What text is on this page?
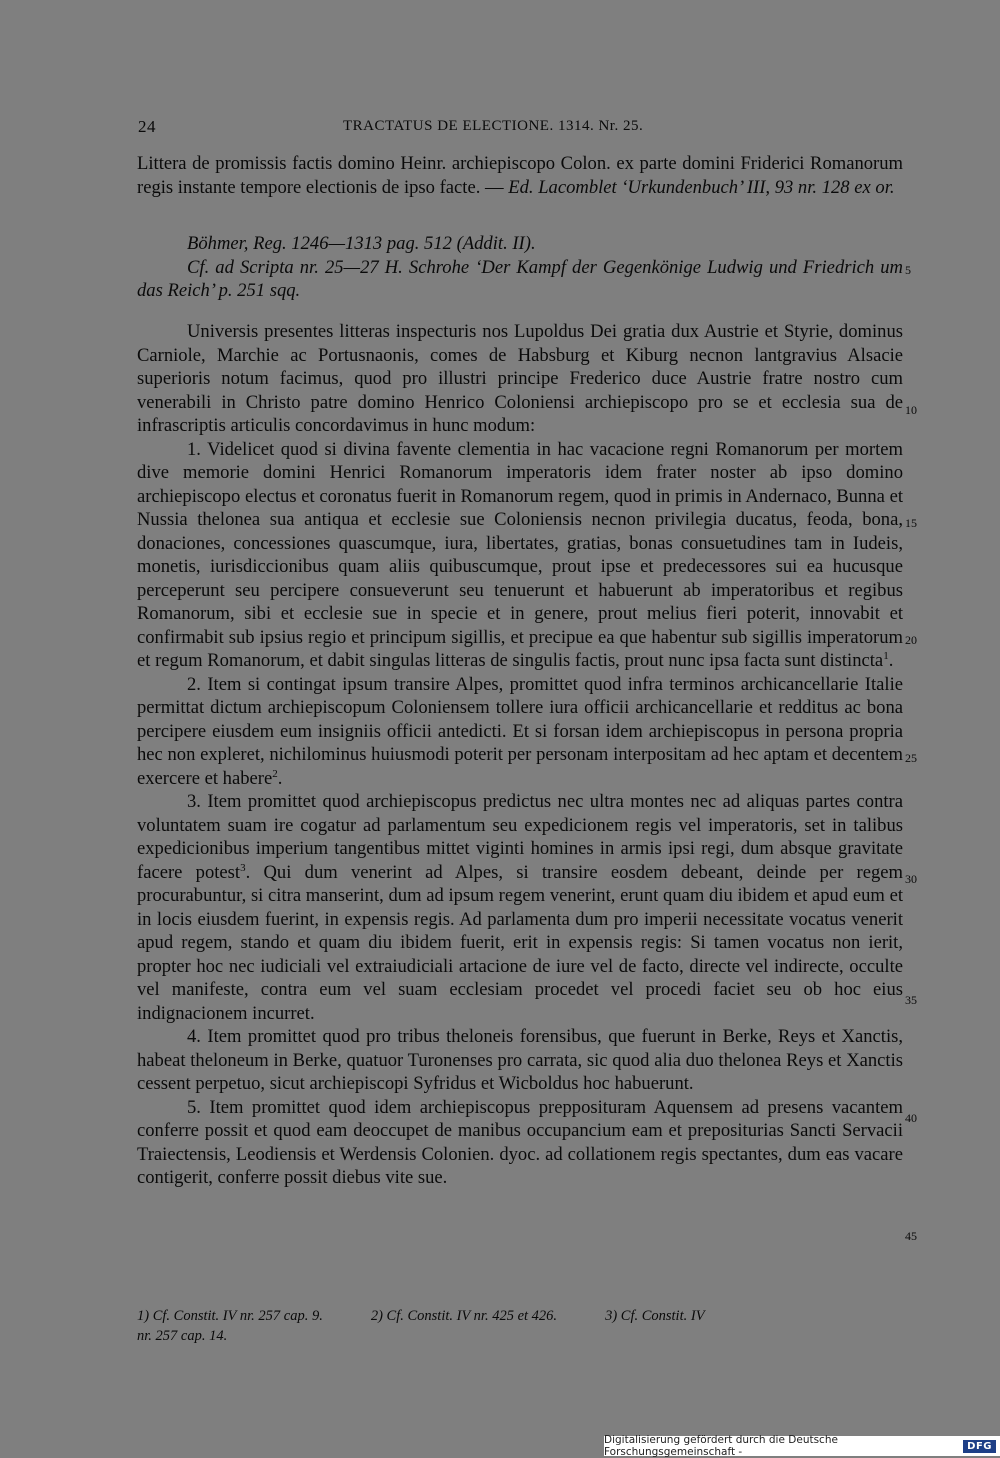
24	TRACTATUS DE ELECTIONE. 1314. Nr. 25.

Littera de promissis factis domino Heinr. archiepiscopo Colon. ex parte domini Friderici Romanorum regis instante tempore electionis de ipso facte. — Ed. Lacomblet ‘Urkundenbuch’ III, 93 nr. 128 ex or.

Böhmer, Reg. 1246—1313 pag. 512 (Addit. II).

Cf. ad Scripta nr. 25—27 H. Schrohe ‘Der Kampf der Gegenkönige Ludwig und Friedrich um das Reich’ p. 251 sqq.

Universis presentes litteras inspecturis nos Lupoldus Dei gratia dux Austrie et Styrie, dominus Carniole, Marchie ac Portusnaonis, comes de Habsburg et Kiburg necnon lantgravius Alsacie superioris notum facimus, quod pro illustri principe Frederico duce Austrie fratre nostro cum venerabili in Christo patre domino Henrico Coloniensi archiepiscopo pro se et ecclesia sua de infrascriptis articulis concordavimus in hunc modum:

1. Videlicet quod si divina favente clementia in hac vacacione regni Romanorum per mortem dive memorie domini Henrici Romanorum imperatoris idem frater noster ab ipso domino archiepiscopo electus et coronatus fuerit in Romanorum regem, quod in primis in Andernaco, Bunna et Nussia thelonea sua antiqua et ecclesie sue Coloniensis necnon privilegia ducatus, feoda, bona, donaciones, concessiones quascumque, iura, libertates, gratias, bonas consuetudines tam in Iudeis, monetis, iurisdiccionibus quam aliis quibuscumque, prout ipse et predecessores sui ea hucusque perceperunt seu percipere consueverunt seu tenuerunt et habuerunt ab imperatoribus et regibus Romanorum, sibi et ecclesie sue in specie et in genere, prout melius fieri poterit, innovabit et confirmabit sub ipsius regio et principum sigillis, et precipue ea que habentur sub sigillis imperatorum et regum Romanorum, et dabit singulas litteras de singulis factis, prout nunc ipsa facta sunt distincta$^1$.

2. Item si contingat ipsum transire Alpes, promittet quod infra terminos archicancellarie Italie permittat dictum archiepiscopum Coloniensem tollere iura officii archicancellarie et redditus ac bona percipere eiusdem eum insigniis officii antedicti. Et si forsan idem archiepiscopus in persona propria hec non expleret, nichilominus huiusmodi poterit per personam interpositam ad hec aptam et decentem exercere et habere$^2$.

3. Item promittet quod archiepiscopus predictus nec ultra montes nec ad aliquas partes contra voluntatem suam ire cogatur ad parlamentum seu expedicionem regis vel imperatoris, set in talibus expedicionibus imperium tangentibus mittet viginti homines in armis ipsi regi, dum absque gravitate facere potest$^3$. Qui dum venerint ad Alpes, si transire eosdem debeant, deinde per regem procurabuntur, si citra manserint, dum ad ipsum regem venerint, erunt quam diu ibidem et apud eum et in locis eiusdem fuerint, in expensis regis. Ad parlamenta dum pro imperii necessitate vocatus venerit apud regem, stando et quam diu ibidem fuerit, erit in expensis regis: Si tamen vocatus non ierit, propter hoc nec iudiciali vel extraiudiciali artacione de iure vel de facto, directe vel indirecte, occulte vel manifeste, contra eum vel suam ecclesiam procedet vel procedi faciet seu ob hoc eius indignacionem incurret.

4. Item promittet quod pro tribus theloneis forensibus, que fuerunt in Berke, Reys et Xanctis, habeat theloneum in Berke, quatuor Turonenses pro carrata, sic quod alia duo thelonea Reys et Xanctis cessent perpetuo, sicut archiepiscopi Syfridus et Wicboldus hoc habuerunt.

5. Item promittet quod idem archiepiscopus prepposituram Aquensem ad presens vacantem conferre possit et quod eam deoccupet de manibus occupancium eam et prepositurias Sancti Servacii Traiectensis, Leodiensis et Werdensis Colonien. dyoc. ad collationem regis spectantes, dum eas vacare contigerit, conferre possit diebus vite sue.

1) Cf. Constit. IV nr. 257 cap. 9.	2) Cf. Constit. IV nr. 425 et 426.	3) Cf. Constit. IV
nr. 257 cap. 14.
5
10
15
20
25
30
35
40
45
Digitalisierung gefördert durch die Deutsche Forschungsgemeinschaft -	DFG
